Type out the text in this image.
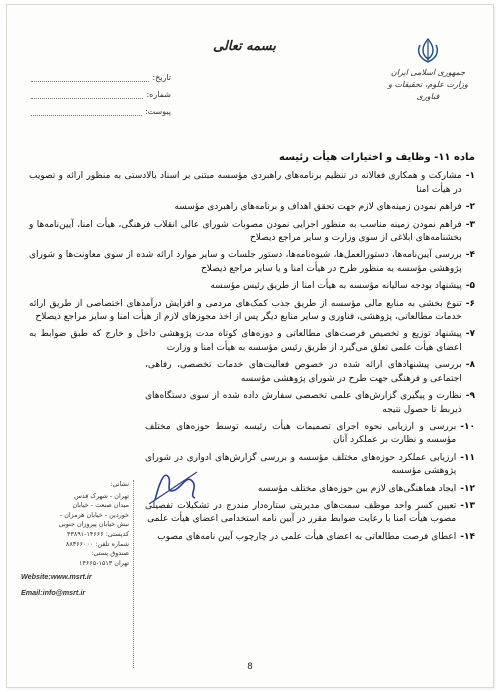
جمهوری اسلامی ایران
وزارت علوم، تحقیقات و فناوری
بسمه تعالی
تاریخ:
شماره:
پیوست:
ماده ۱۱- وظایف و اختیارات هیأت رئیسه
۱-
مشارکت و همکاری فعالانه در تنظیم برنامه‌های راهبردی مؤسسه مبتنی بر اسناد بالادستی به منظور ارائه و تصویب در هیأت امنا
۲-
فراهم نمودن زمینه‌های لازم جهت تحقق اهداف و برنامه‌های راهبردی مؤسسه
۳-
فراهم نمودن زمینه مناسب به منظور اجرایی نمودن مصوبات شورای عالی انقلاب فرهنگی، هیأت امنا، آیین‌نامه‌ها و بخشنامه‌های ابلاغی از سوی وزارت و سایر مراجع ذیصلاح
۴-
بررسی آیین‌نامه‌ها، دستورالعمل‌ها، شیوه‌نامه‌ها، دستور جلسات و سایر موارد ارائه شده از سوی معاونت‌ها و شورای پژوهشی مؤسسه به منظور طرح در هیأت امنا و یا سایر مراجع ذیصلاح
۵-
پیشنهاد بودجه سالیانه مؤسسه به هیأت امنا از طریق رئیس مؤسسه
۶-
تنوع بخشی به منابع مالی مؤسسه از طریق جذب کمک‌های مردمی و افزایش درآمدهای اختصاصی از طریق ارائه خدمات مطالعاتی، پژوهشی، فناوری و سایر منابع دیگر پس از اخذ مجوزهای لازم از هیأت امنا و سایر مراجع ذیصلاح
۷-
پیشنهاد توزیع و تخصیص فرصت‌های مطالعاتی و دوره‌های کوتاه مدت پژوهشی داخل و خارج که طبق ضوابط به اعضای هیأت علمی تعلق می‌گیرد از طریق رئیس مؤسسه به هیأت امنا و وزارت
۸-
بررسی پیشنهادهای ارائه شده در خصوص فعالیت‌های خدمات تخصصی، رفاهی، اجتماعی و فرهنگی جهت طرح در شورای پژوهشی مؤسسه
۹-
نظارت و پیگیری گزارش‌های علمی تخصصی سفارش داده شده از سوی دستگاه‌های ذیربط تا حصول نتیجه
۱۰-
بررسی و ارزیابی نحوه اجرای تصمیمات هیأت رئیسه توسط حوزه‌های مختلف مؤسسه و نظارت بر عملکرد آنان
۱۱-
ارزیابی عملکرد حوزه‌های مختلف مؤسسه و بررسی گزارش‌های ادواری در شورای پژوهشی مؤسسه
۱۲-
ایجاد هماهنگی‌های لازم بین حوزه‌های مختلف مؤسسه
۱۳-
تعیین کسر واحد موظف سمت‌های مدیریتی ستاره‌دار مندرج در تشکیلات تفصیلی مصوب هیأت امنا با رعایت ضوابط مقرر در آیین نامه استخدامی اعضای هیأت علمی
۱۴-
اعطای فرصت مطالعاتی به اعضای هیأت علمی در چارچوب آیین نامه‌های مصوب
نشانی:
تهران - شهرک قدس
میدان صنعت - خیابان
خوردین - خیابان هرمزان -
نبش خیابان پیروزان جنوبی
کدپستی: ۱۴۶۶۶-۴۳۸۹۱
شماره تلفن: ۸۸۳۶۶۰۰۰
صندوق پستی:
تهران ۱۵۱۳-۱۴۶۶۵
Website:www.msrt.ir
Email:info@msrt.ir
8
